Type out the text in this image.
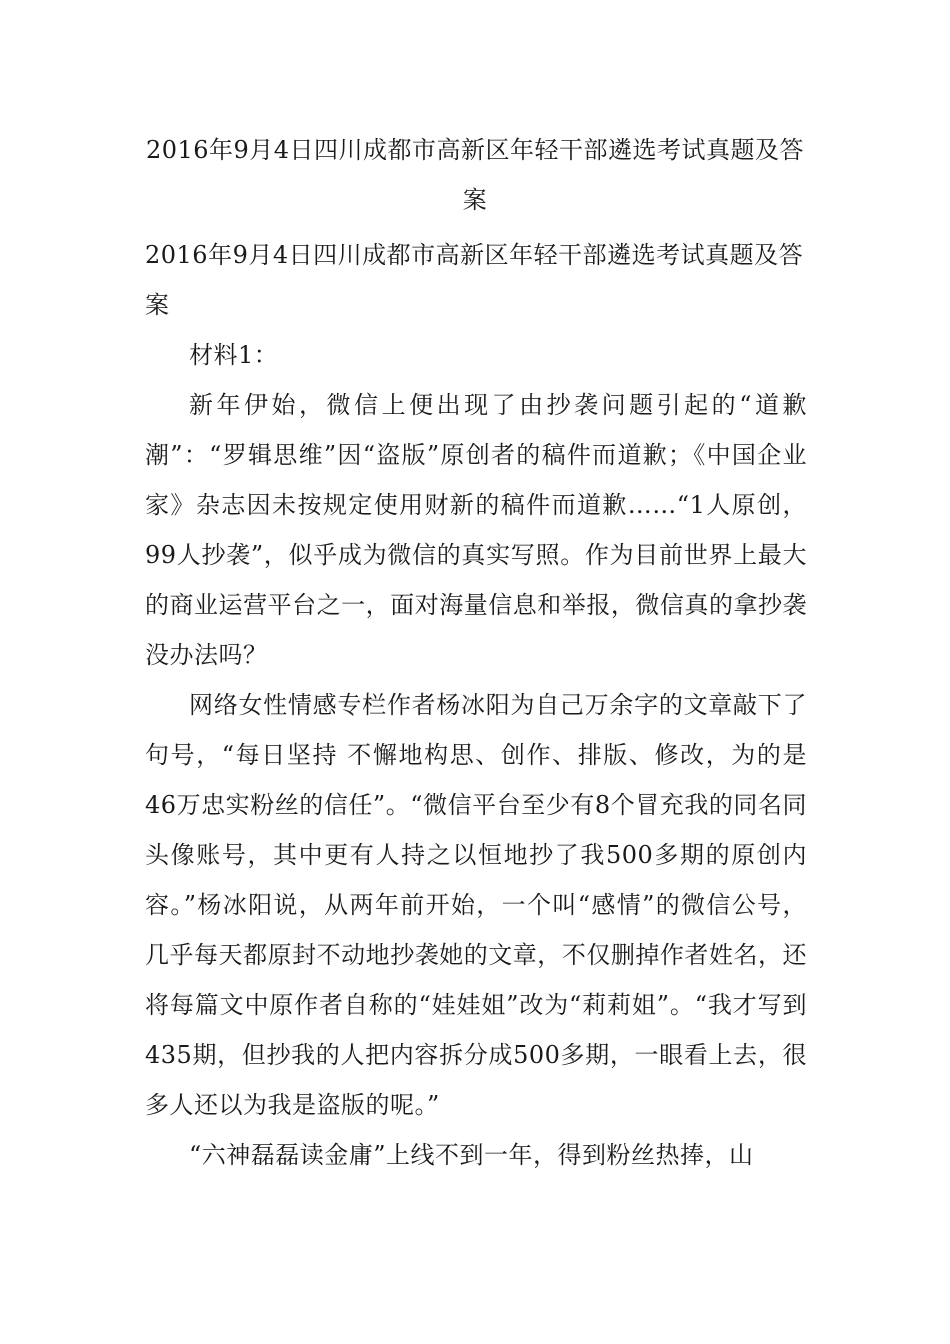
2016年9月4日四川成都市高新区年轻干部遴选考试真题及答案

2016年9月4日四川成都市高新区年轻干部遴选考试真题及答案

材料1：

新年伊始，微信上便出现了由抄袭问题引起的“道歉潮”：“罗辑思维”因“盗版”原创者的稿件而道歉；《中国企业家》杂志因未按规定使用财新的稿件而道歉……“1人原创，99人抄袭”，似乎成为微信的真实写照。作为目前世界上最大的商业运营平台之一，面对海量信息和举报，微信真的拿抄袭没办法吗？

网络女性情感专栏作者杨冰阳为自己万余字的文章敲下了句号，“每日坚持 不懈地构思、创作、排版、修改，为的是46万忠实粉丝的信任”。“微信平台至少有8个冒充我的同名同头像账号，其中更有人持之以恒地抄了我500多期的原创内容。”杨冰阳说，从两年前开始，一个叫“感情”的微信公号，几乎每天都原封不动地抄袭她的文章，不仅删掉作者姓名，还将每篇文中原作者自称的“娃娃姐”改为“莉莉姐”。“我才写到435期，但抄我的人把内容拆分成500多期，一眼看上去，很多人还以为我是盗版的呢。”

“六神磊磊读金庸”上线不到一年，得到粉丝热捧，山
